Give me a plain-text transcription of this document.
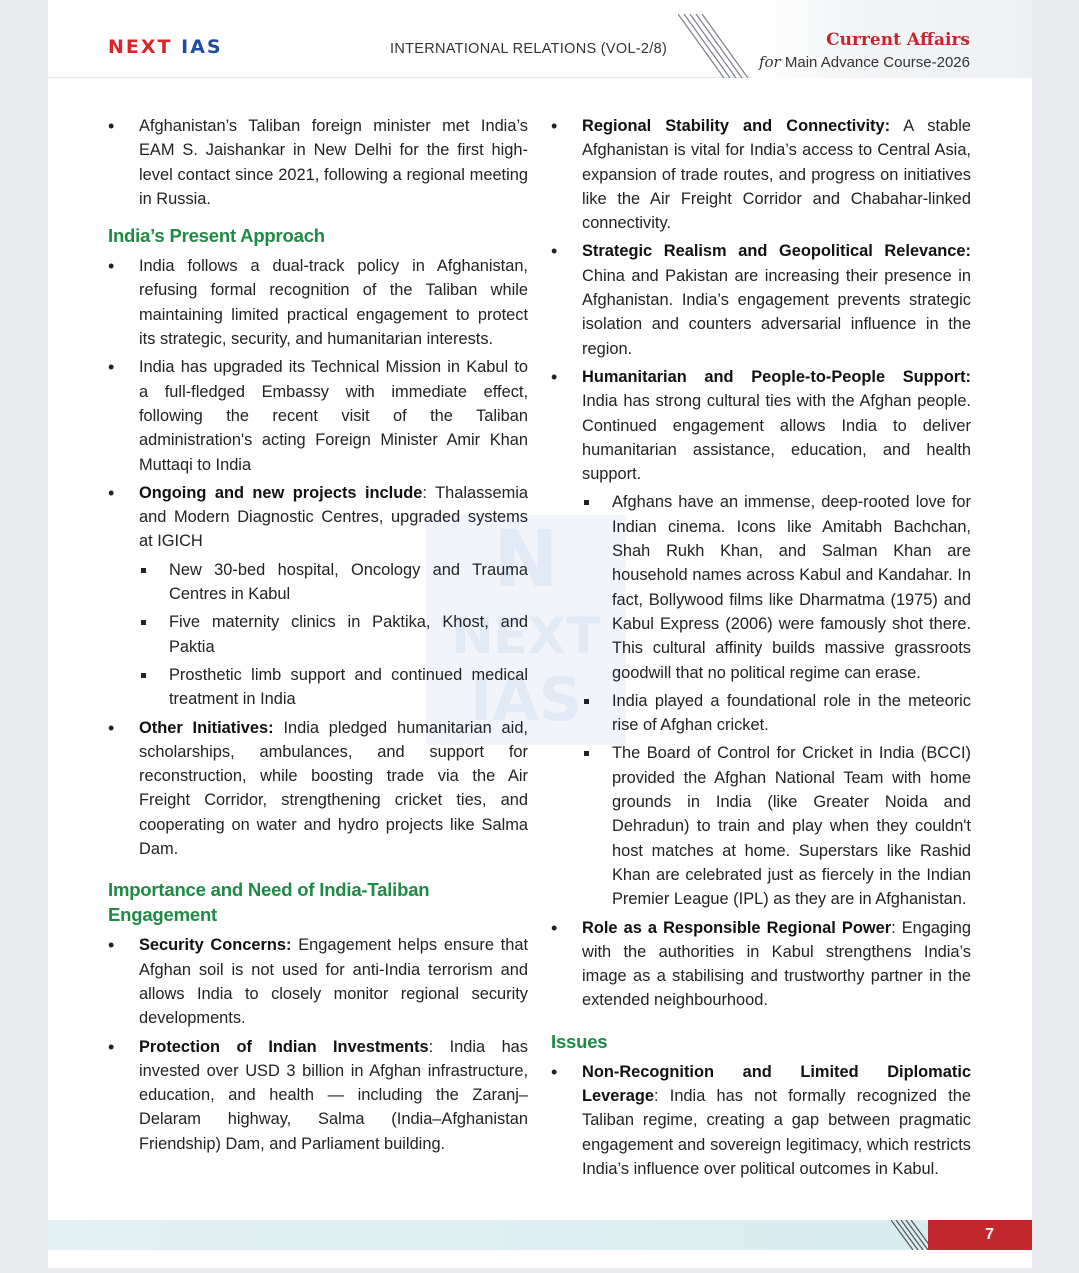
NEXT IAS	INTERNATIONAL RELATIONS (VOL-2/8)	Current Affairs
for Main Advance Course-2026
N
NEXT
IAS
• Afghanistan’s Taliban foreign minister met India’s EAM S. Jaishankar in New Delhi for the first high-level contact since 2021, following a regional meeting in Russia.
India’s Present Approach
• India follows a dual-track policy in Afghanistan, refusing formal recognition of the Taliban while maintaining limited practical engagement to protect its strategic, security, and humanitarian interests.
• India has upgraded its Technical Mission in Kabul to a full-fledged Embassy with immediate effect, following the recent visit of the Taliban administration's acting Foreign Minister Amir Khan Muttaqi to India
• Ongoing and new projects include: Thalassemia and Modern Diagnostic Centres, upgraded systems at IGICH
New 30-bed hospital, Oncology and Trauma Centres in Kabul
Five maternity clinics in Paktika, Khost, and Paktia
Prosthetic limb support and continued medical treatment in India
• Other Initiatives: India pledged humanitarian aid, scholarships, ambulances, and support for reconstruction, while boosting trade via the Air Freight Corridor, strengthening cricket ties, and cooperating on water and hydro projects like Salma Dam.
Importance and Need of India-Taliban Engagement
• Security Concerns: Engagement helps ensure that Afghan soil is not used for anti-India terrorism and allows India to closely monitor regional security developments.
• Protection of Indian Investments: India has invested over USD 3 billion in Afghan infrastructure, education, and health — including the Zaranj–Delaram highway, Salma (India–Afghanistan Friendship) Dam, and Parliament building.
• Regional Stability and Connectivity: A stable Afghanistan is vital for India’s access to Central Asia, expansion of trade routes, and progress on initiatives like the Air Freight Corridor and Chabahar-linked connectivity.
• Strategic Realism and Geopolitical Relevance: China and Pakistan are increasing their presence in Afghanistan. India’s engagement prevents strategic isolation and counters adversarial influence in the region.
• Humanitarian and People-to-People Support: India has strong cultural ties with the Afghan people. Continued engagement allows India to deliver humanitarian assistance, education, and health support.
Afghans have an immense, deep-rooted love for Indian cinema. Icons like Amitabh Bachchan, Shah Rukh Khan, and Salman Khan are household names across Kabul and Kandahar. In fact, Bollywood films like Dharmatma (1975) and Kabul Express (2006) were famously shot there. This cultural affinity builds massive grassroots goodwill that no political regime can erase.
India played a foundational role in the meteoric rise of Afghan cricket.
The Board of Control for Cricket in India (BCCI) provided the Afghan National Team with home grounds in India (like Greater Noida and Dehradun) to train and play when they couldn't host matches at home. Superstars like Rashid Khan are celebrated just as fiercely in the Indian Premier League (IPL) as they are in Afghanistan.
• Role as a Responsible Regional Power: Engaging with the authorities in Kabul strengthens India’s image as a stabilising and trustworthy partner in the extended neighbourhood.
Issues
• Non-Recognition and Limited Diplomatic Leverage: India has not formally recognized the Taliban regime, creating a gap between pragmatic engagement and sovereign legitimacy, which restricts India’s influence over political outcomes in Kabul.
7
